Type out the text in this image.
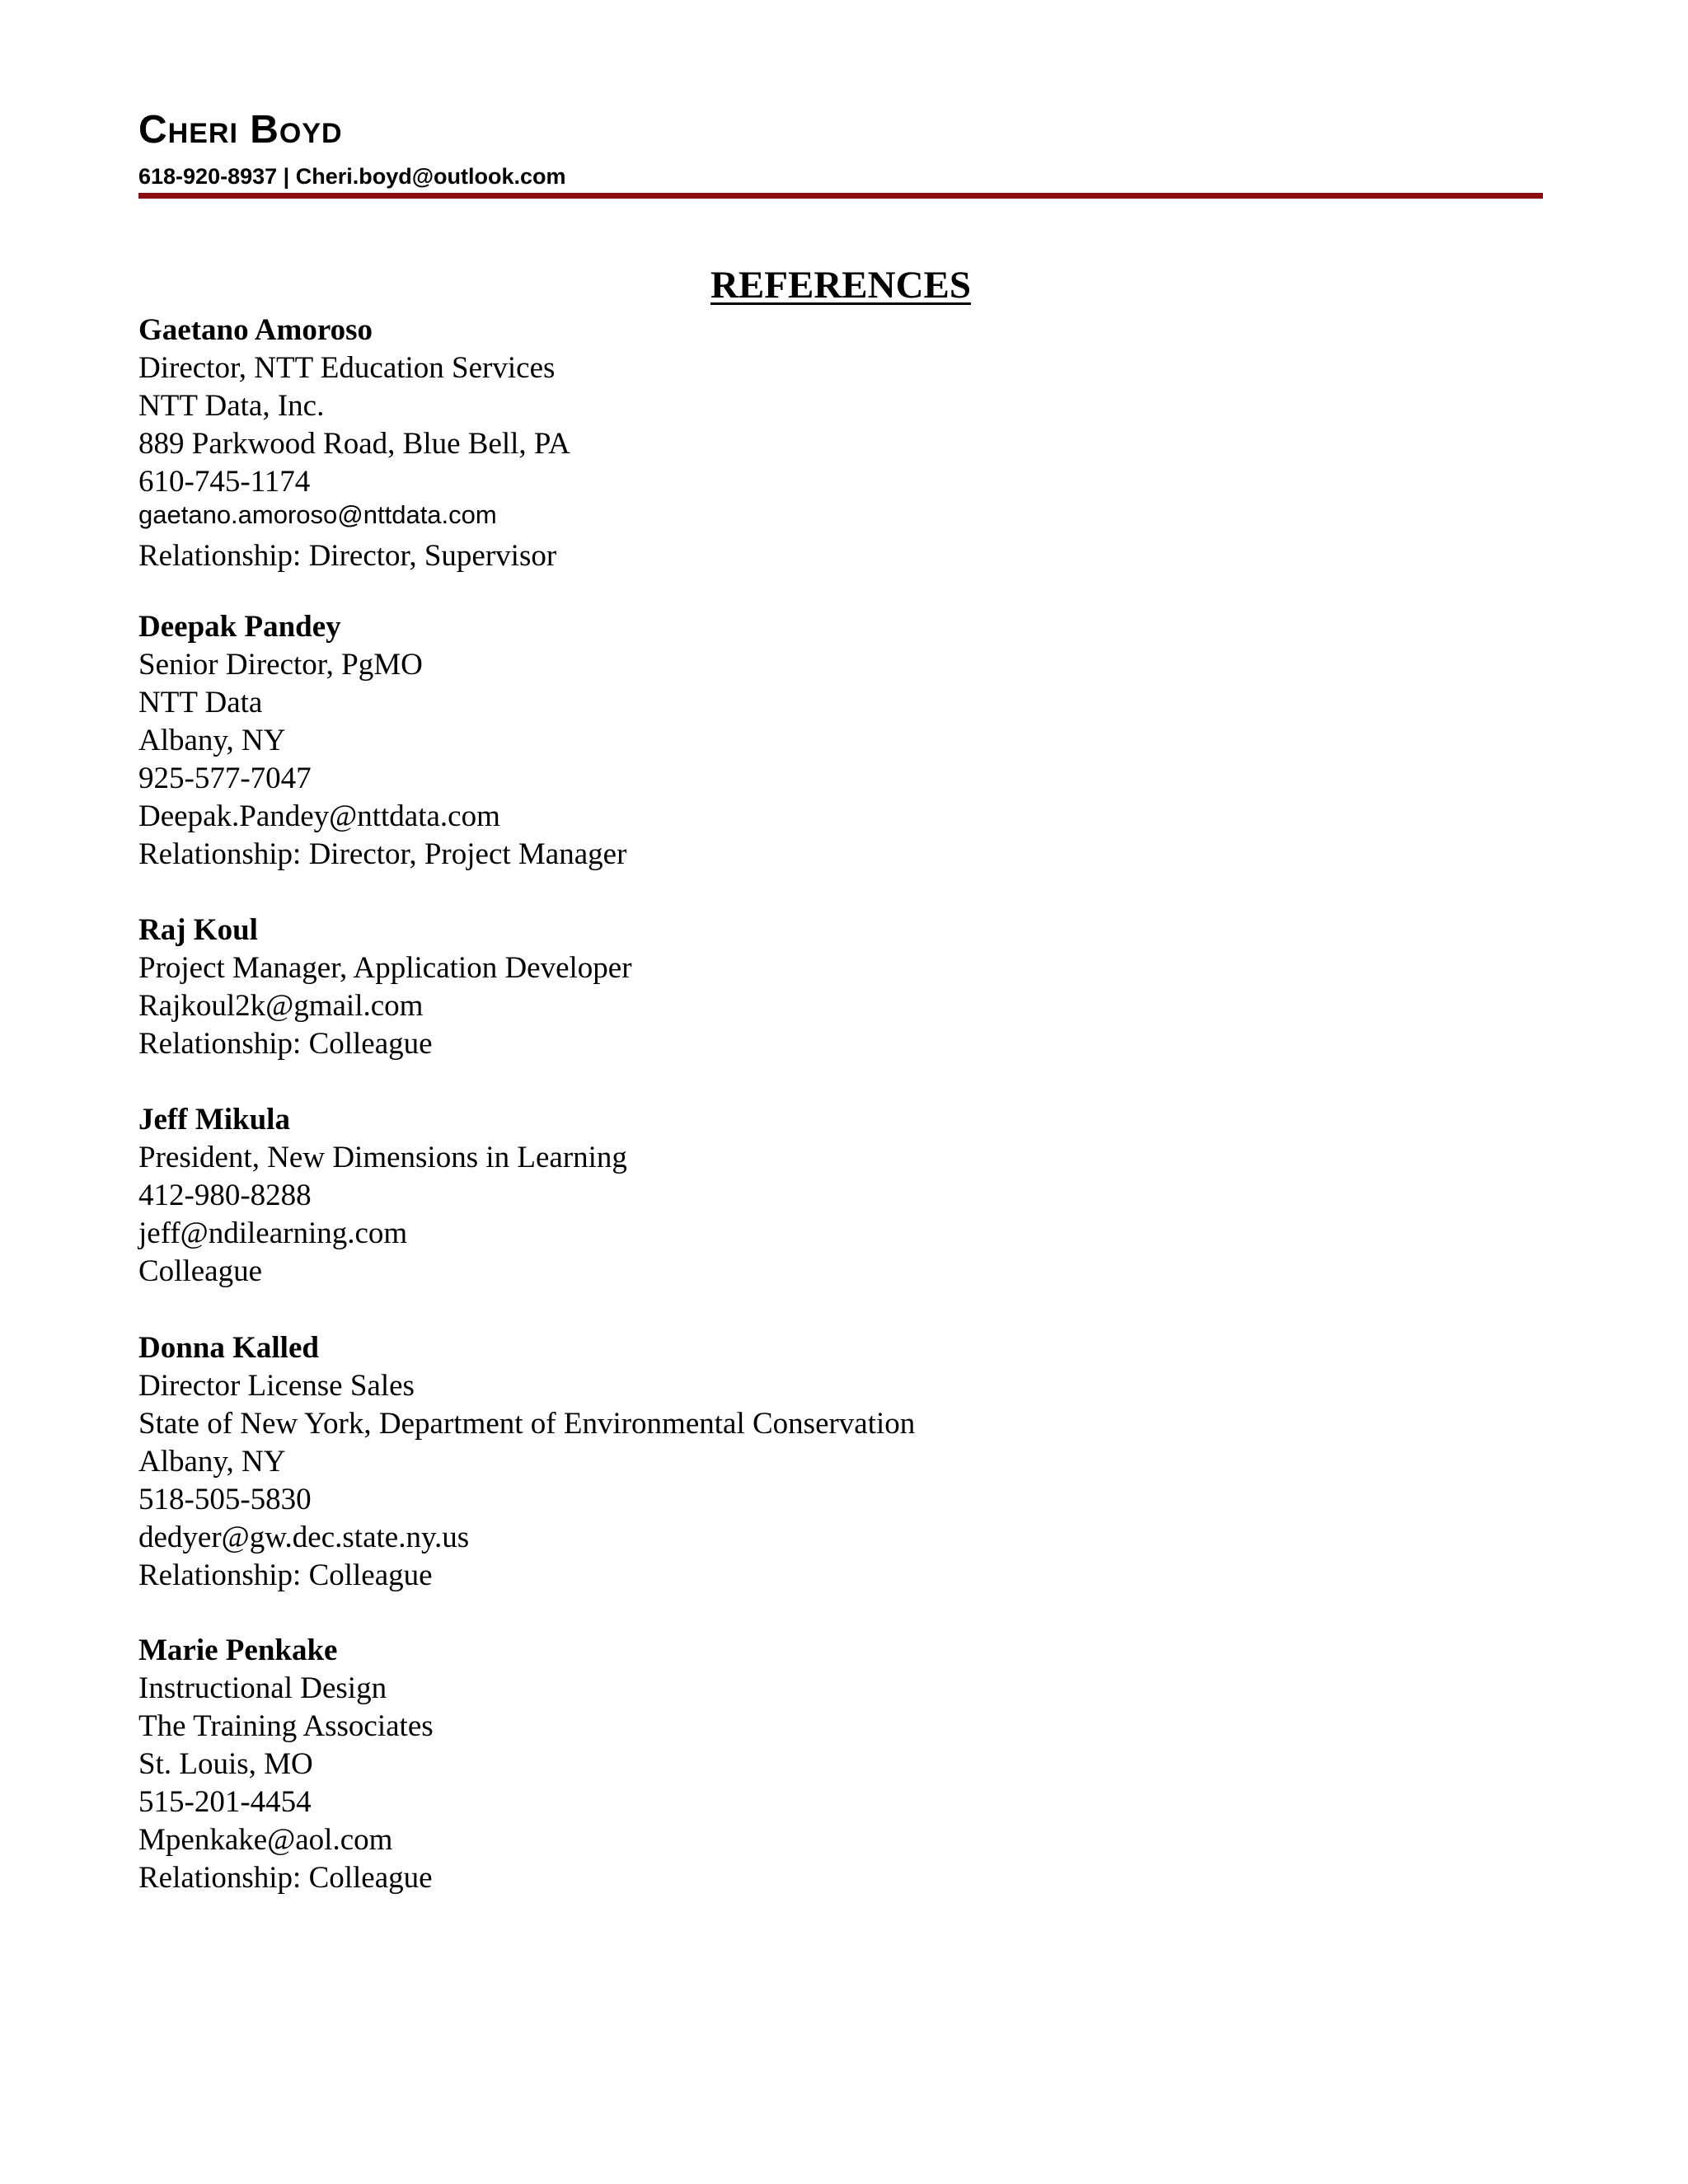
Cheri Boyd

618-920-8937 | Cheri.boyd@outlook.com

REFERENCES
Gaetano Amoroso
Director, NTT Education Services
NTT Data, Inc.
889 Parkwood Road, Blue Bell, PA
610-745-1174
gaetano.amoroso@nttdata.com
Relationship: Director, Supervisor
Deepak Pandey
Senior Director, PgMO
NTT Data
Albany, NY
925-577-7047
Deepak.Pandey@nttdata.com
Relationship: Director, Project Manager
Raj Koul
Project Manager, Application Developer
Rajkoul2k@gmail.com
Relationship: Colleague
Jeff Mikula
President, New Dimensions in Learning
412-980-8288
jeff@ndilearning.com
Colleague
Donna Kalled
Director License Sales
State of New York, Department of Environmental Conservation
Albany, NY
518-505-5830
dedyer@gw.dec.state.ny.us
Relationship: Colleague
Marie Penkake
Instructional Design
The Training Associates
St. Louis, MO
515-201-4454
Mpenkake@aol.com
Relationship: Colleague
